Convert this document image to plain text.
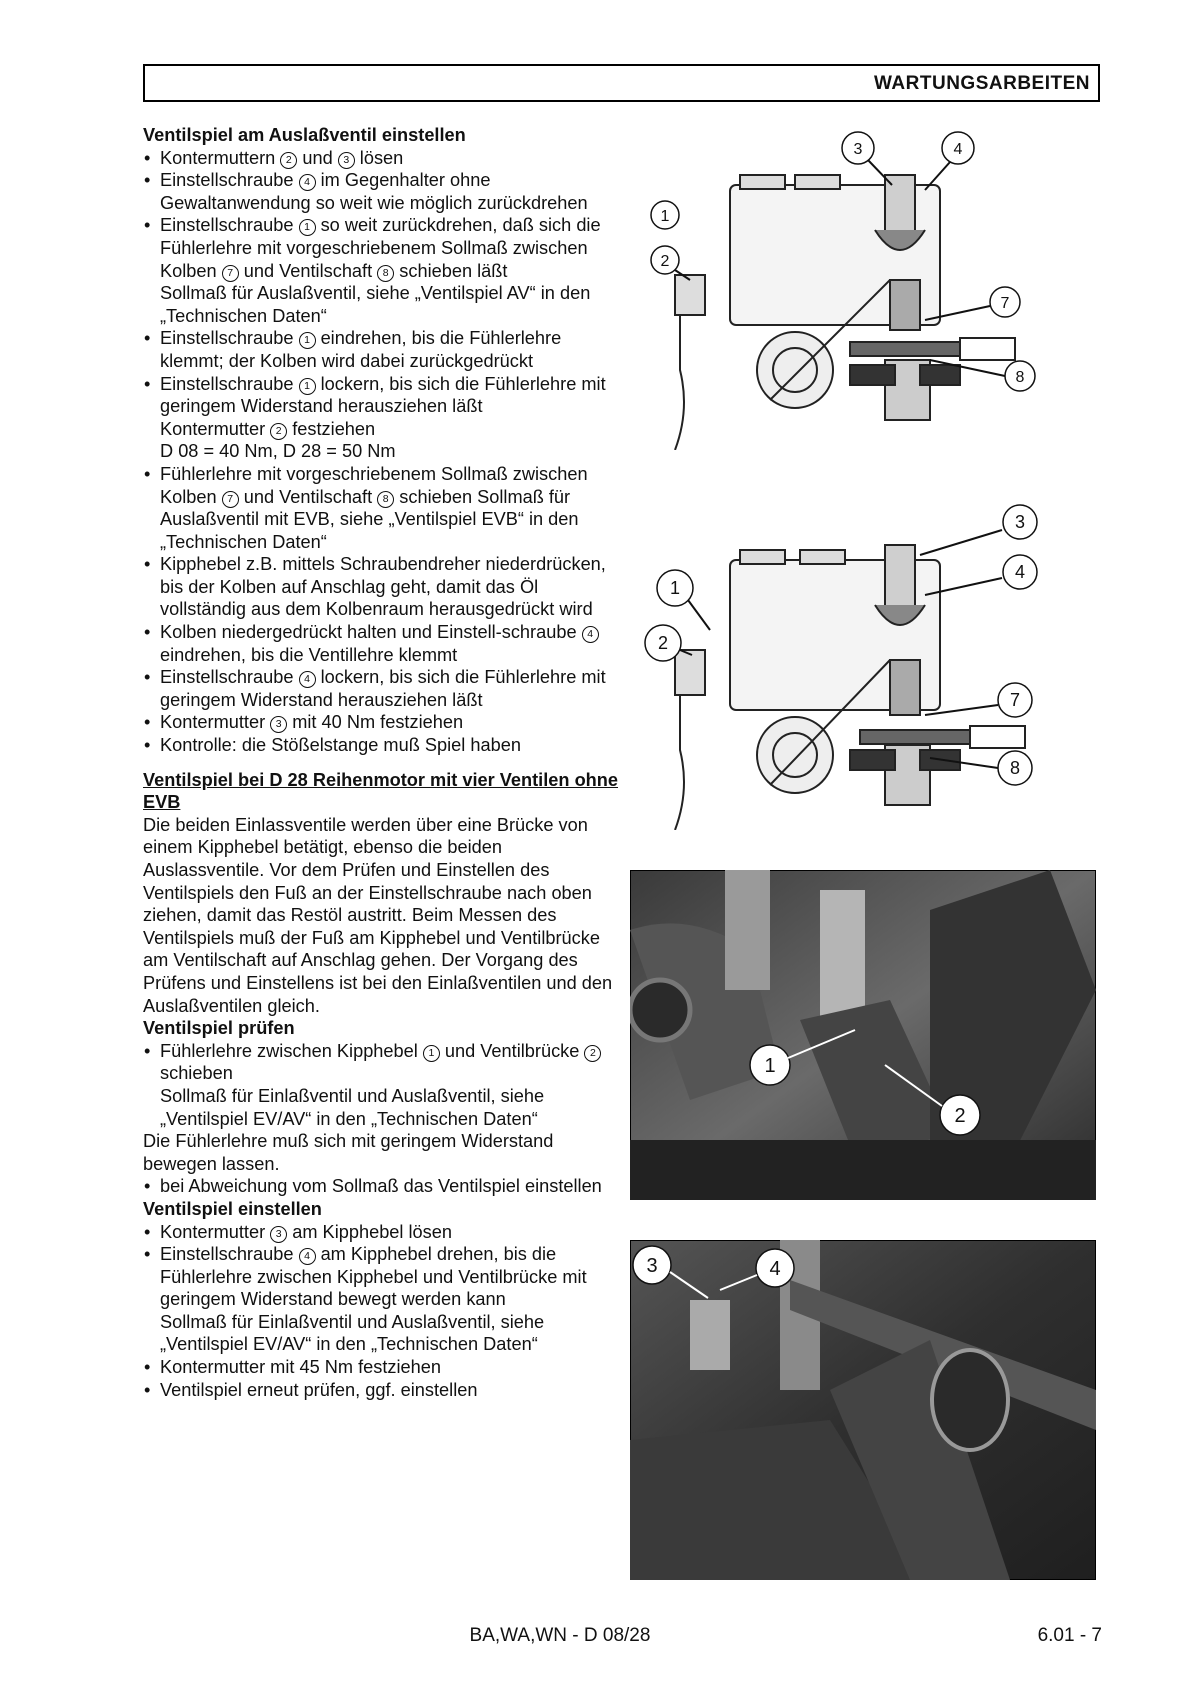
WARTUNGSARBEITEN

Ventilspiel am Auslaßventil einstellen

• Kontermuttern 2 und 3 lösen
• Einstellschraube 4 im Gegenhalter ohne Gewaltanwendung so weit wie möglich zurückdrehen
• Einstellschraube 1 so weit zurückdrehen, daß sich die Fühlerlehre mit vorgeschriebenem Sollmaß zwischen Kolben 7 und Ventilschaft 8 schieben läßt
Sollmaß für Auslaßventil, siehe „Ventilspiel AV“ in den „Technischen Daten“
• Einstellschraube 1 eindrehen, bis die Fühlerlehre klemmt; der Kolben wird dabei zurückgedrückt
• Einstellschraube 1 lockern, bis sich die Fühlerlehre mit geringem Widerstand herausziehen läßt
Kontermutter 2 festziehen
D 08 = 40 Nm, D 28 = 50 Nm
• Fühlerlehre mit vorgeschriebenem Sollmaß zwischen Kolben 7 und Ventilschaft 8 schieben Sollmaß für Auslaßventil mit EVB, siehe „Ventilspiel EVB“ in den „Technischen Daten“
• Kipphebel z.B. mittels Schraubendreher niederdrücken, bis der Kolben auf Anschlag geht, damit das Öl vollständig aus dem Kolbenraum herausgedrückt wird
• Kolben niedergedrückt halten und Einstell-schraube 4 eindrehen, bis die Ventillehre klemmt
• Einstellschraube 4 lockern, bis sich die Fühlerlehre mit geringem Widerstand herausziehen läßt
• Kontermutter 3 mit 40 Nm festziehen
• Kontrolle: die Stößelstange muß Spiel haben

Ventilspiel bei D 28 Reihenmotor mit vier Ventilen ohne EVB

Die beiden Einlassventile werden über eine Brücke von einem Kipphebel betätigt, ebenso die beiden Auslassventile. Vor dem Prüfen und Einstellen des Ventilspiels den Fuß an der Einstellschraube nach oben ziehen, damit das Restöl austritt. Beim Messen des Ventilspiels muß der Fuß am Kipphebel und Ventilbrücke am Ventilschaft auf Anschlag gehen. Der Vorgang des Prüfens und Einstellens ist bei den Einlaßventilen und den Auslaßventilen gleich.

Ventilspiel prüfen

• Fühlerlehre zwischen Kipphebel 1 und Ventilbrücke 2 schieben
Sollmaß für Einlaßventil und Auslaßventil, siehe „Ventilspiel EV/AV“ in den „Technischen Daten“

Die Fühlerlehre muß sich mit geringem Widerstand bewegen lassen.

• bei Abweichung vom Sollmaß das Ventilspiel einstellen

Ventilspiel einstellen

• Kontermutter 3 am Kipphebel lösen
• Einstellschraube 4 am Kipphebel drehen, bis die Fühlerlehre zwischen Kipphebel und Ventilbrücke mit geringem Widerstand bewegt werden kann
Sollmaß für Einlaßventil und Auslaßventil, siehe „Ventilspiel EV/AV“ in den „Technischen Daten“
• Kontermutter mit 45 Nm festziehen
• Ventilspiel erneut prüfen, ggf. einstellen
3	4
1
2
7
8
3
4
1
2
7
8
1
2
3	4
BA,WA,WN - D 08/28	6.01 - 7
